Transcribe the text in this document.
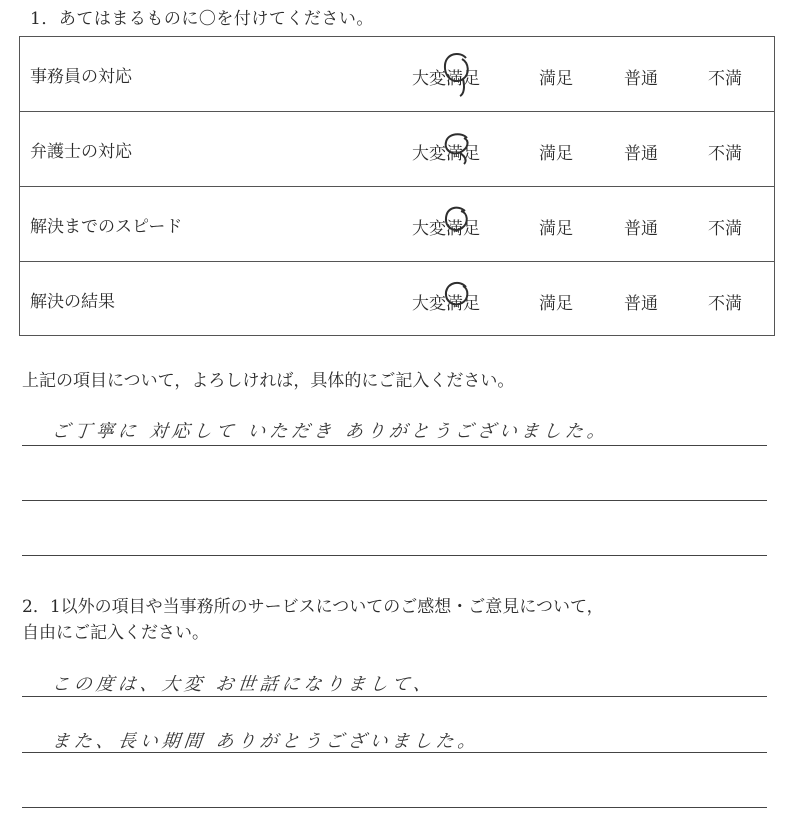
1．あてはまるものに〇を付けてください。
事務員の対応	大変満足	満足	普通	不満
弁護士の対応	大変満足	満足	普通	不満
解決までのスピード	大変満足	満足	普通	不満
解決の結果	大変満足	満足	普通	不満
上記の項目について，よろしければ，具体的にご記入ください。
ご丁寧に 対応して いただき ありがとうございました。
2．1以外の項目や当事務所のサービスについてのご感想・ご意見について，
自由にご記入ください。
この度は、大変 お世話になりまして、
また、長い期間 ありがとうございました。
